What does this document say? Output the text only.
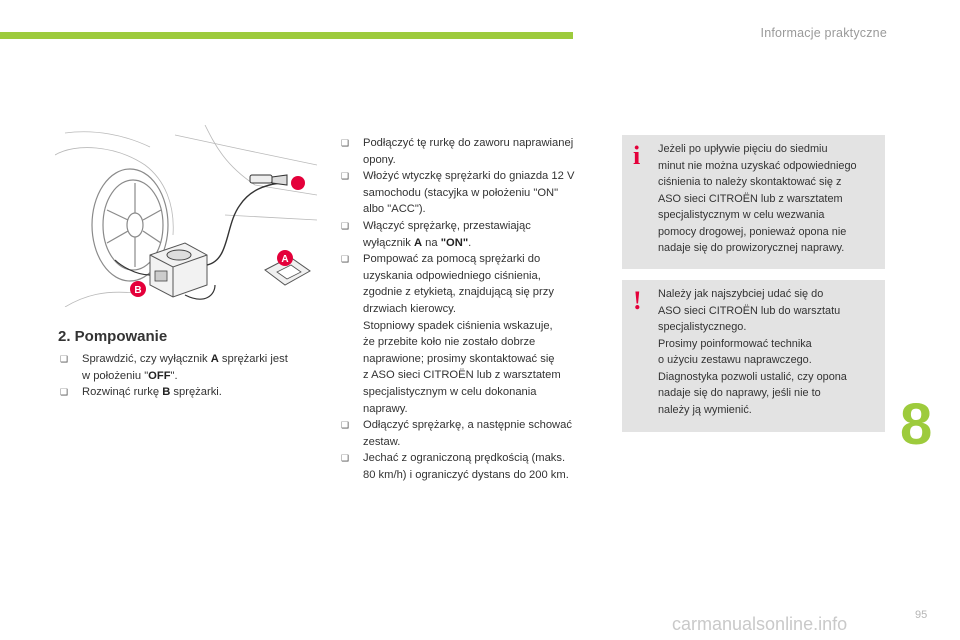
Informacje praktyczne
A
B
2. Pompowanie
❑ Sprawdzić, czy wyłącznik A sprężarki jest
w położeniu "OFF".
❑ Rozwinąć rurkę B sprężarki.
❑ Podłączyć tę rurkę do zaworu naprawianej
opony.
❑ Włożyć wtyczkę sprężarki do gniazda 12 V
samochodu (stacyjka w położeniu "ON"
albo "ACC").
❑ Włączyć sprężarkę, przestawiając
wyłącznik A na "ON".
❑ Pompować za pomocą sprężarki do
uzyskania odpowiedniego ciśnienia,
zgodnie z etykietą, znajdującą się przy
drzwiach kierowcy.
Stopniowy spadek ciśnienia wskazuje,
że przebite koło nie zostało dobrze
naprawione; prosimy skontaktować się
z ASO sieci CITROËN lub z warsztatem
specjalistycznym w celu dokonania
naprawy.
❑ Odłączyć sprężarkę, a następnie schować
zestaw.
❑ Jechać z ograniczoną prędkością (maks.
80 km/h) i ograniczyć dystans do 200 km.
i Jeżeli po upływie pięciu do siedmiu
minut nie można uzyskać odpowiedniego
ciśnienia to należy skontaktować się z
ASO sieci CITROËN lub z warsztatem
specjalistycznym w celu wezwania
pomocy drogowej, ponieważ opona nie
nadaje się do prowizorycznej naprawy.
! Należy jak najszybciej udać się do
ASO sieci CITROËN lub do warsztatu
specjalistycznego.
Prosimy poinformować technika
o użyciu zestawu naprawczego.
Diagnostyka pozwoli ustalić, czy opona
nadaje się do naprawy, jeśli nie to
należy ją wymienić.	8
95
carmanualsonline.info
